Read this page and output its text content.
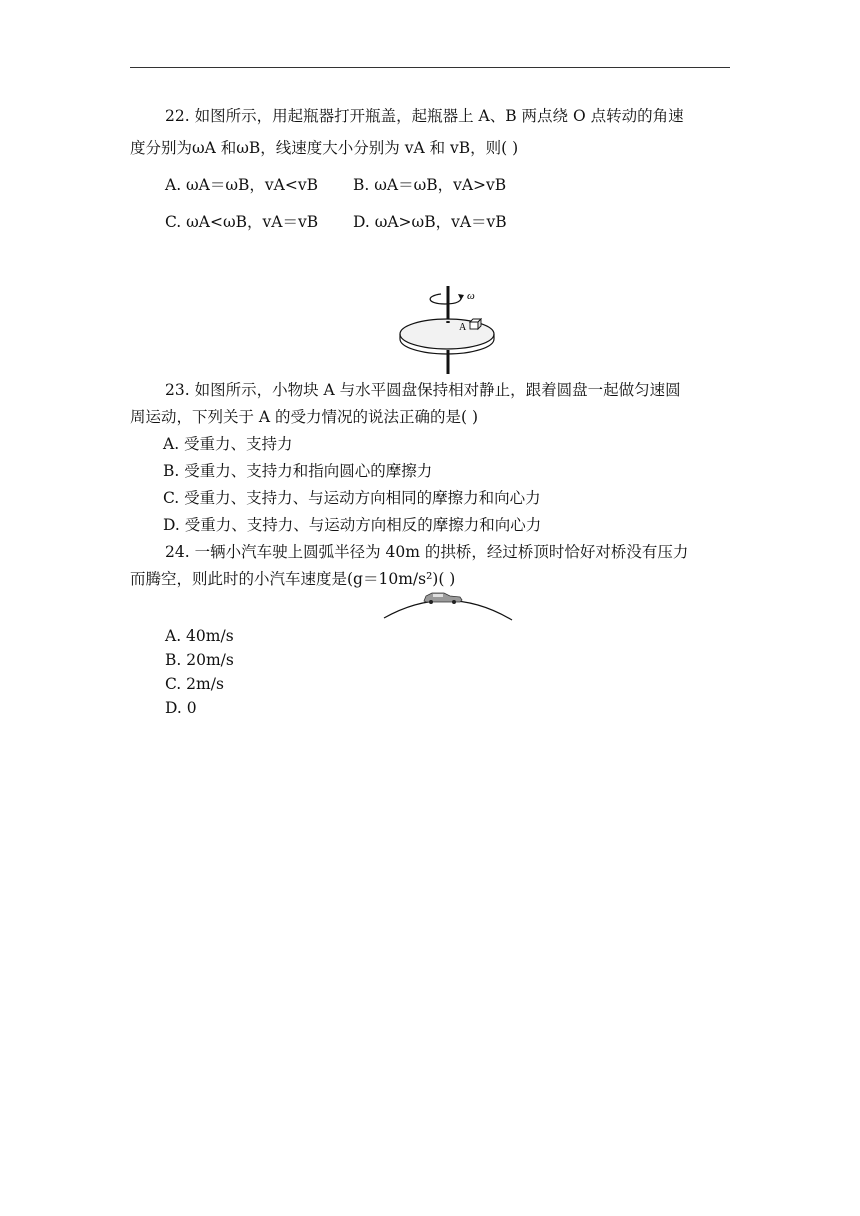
22. 如图所示，用起瓶器打开瓶盖，起瓶器上 A、B 两点绕 O 点转动的角速
度分别为ωA 和ωB，线速度大小分别为 vA 和 vB，则( )
A. ωA＝ωB，vA<vB B. ωA＝ωB，vA>vB
C. ωA<ωB，vA＝vB D. ωA>ωB，vA＝vB
ω
A
23. 如图所示，小物块 A 与水平圆盘保持相对静止，跟着圆盘一起做匀速圆
周运动，下列关于 A 的受力情况的说法正确的是( )
A. 受重力、支持力
B. 受重力、支持力和指向圆心的摩擦力
C. 受重力、支持力、与运动方向相同的摩擦力和向心力
D. 受重力、支持力、与运动方向相反的摩擦力和向心力
24. 一辆小汽车驶上圆弧半径为 40m 的拱桥，经过桥顶时恰好对桥没有压力
而腾空，则此时的小汽车速度是(g＝10m/s²)( )
A. 40m/s
B. 20m/s
C. 2m/s
D. 0
